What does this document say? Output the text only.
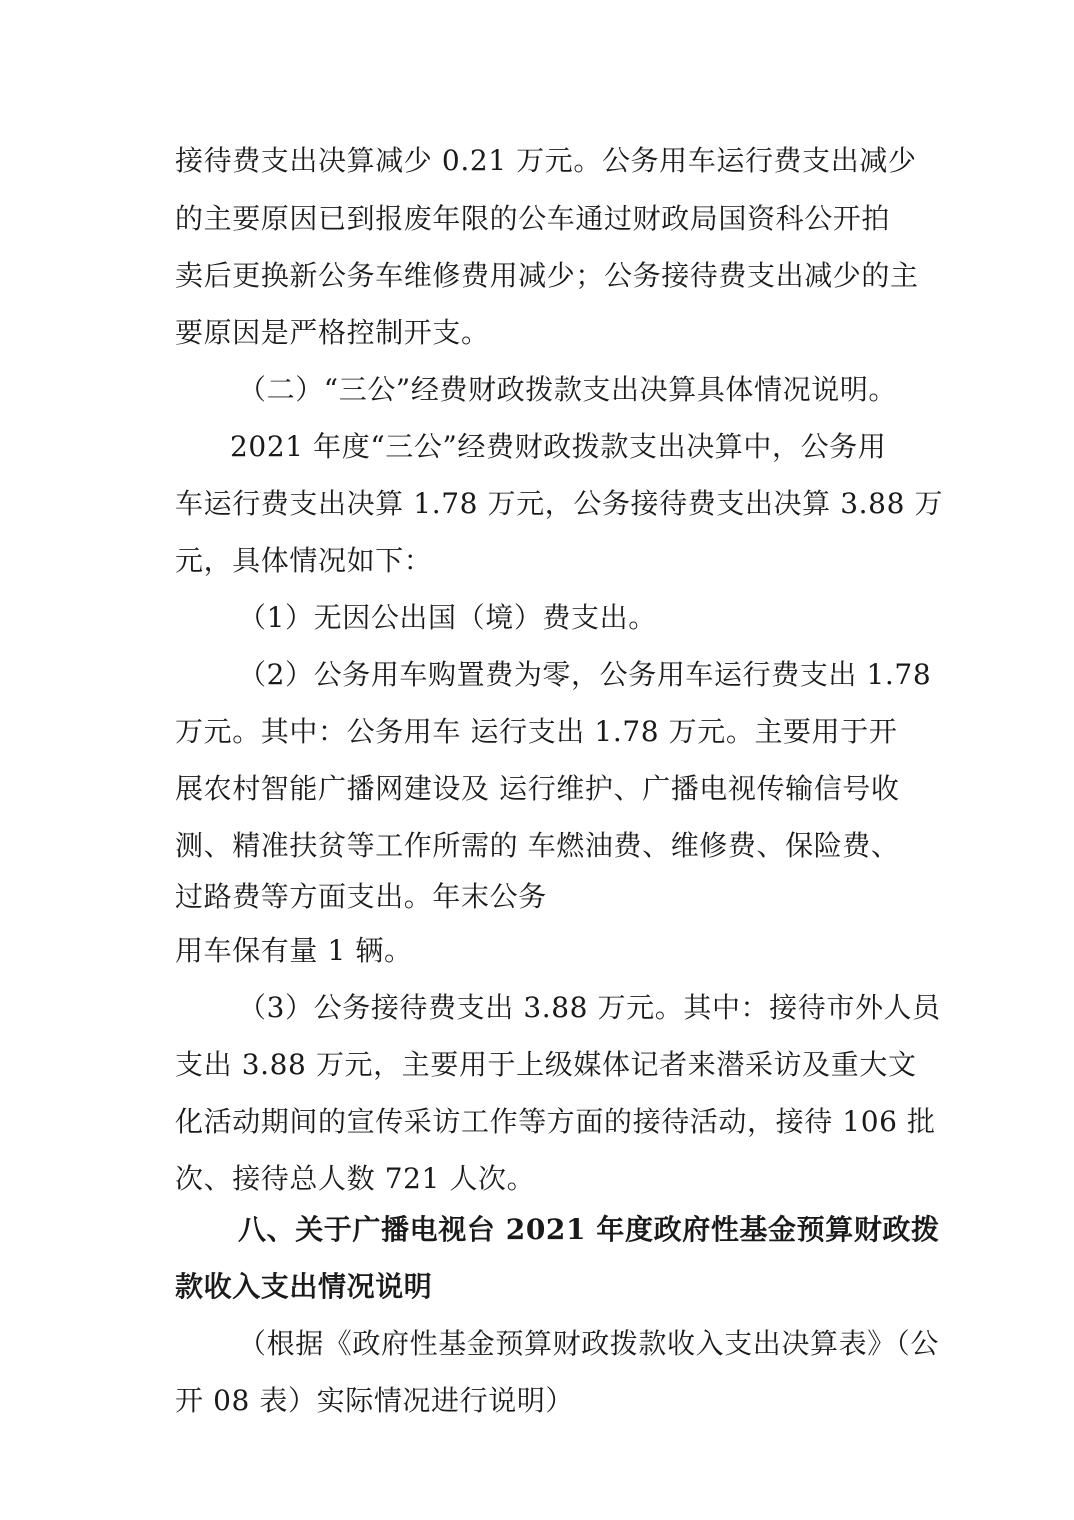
接待费支出决算减少 0.21 万元。公务用车运行费支出减少
的主要原因已到报废年限的公车通过财政局国资科公开拍
卖后更换新公务车维修费用减少；公务接待费支出减少的主
要原因是严格控制开支。
（二）“三公”经费财政拨款支出决算具体情况说明。
2021 年度“三公”经费财政拨款支出决算中，公务用
车运行费支出决算 1.78 万元，公务接待费支出决算 3.88 万
元，具体情况如下：
（1）无因公出国（境）费支出。
（2）公务用车购置费为零，公务用车运行费支出 1.78
万元。其中：公务用车 运行支出 1.78 万元。主要用于开
展农村智能广播网建设及 运行维护、广播电视传输信号收
测、精准扶贫等工作所需的 车燃油费、维修费、保险费、
过路费等方面支出。年末公务
用车保有量 1 辆。
（3）公务接待费支出 3.88 万元。其中：接待市外人员
支出 3.88 万元，主要用于上级媒体记者来潜采访及重大文
化活动期间的宣传采访工作等方面的接待活动，接待 106 批
次、接待总人数 721 人次。
八、关于广播电视台 2021 年度政府性基金预算财政拨
款收入支出情况说明
（根据《政府性基金预算财政拨款收入支出决算表》（公
开 08 表）实际情况进行说明）
